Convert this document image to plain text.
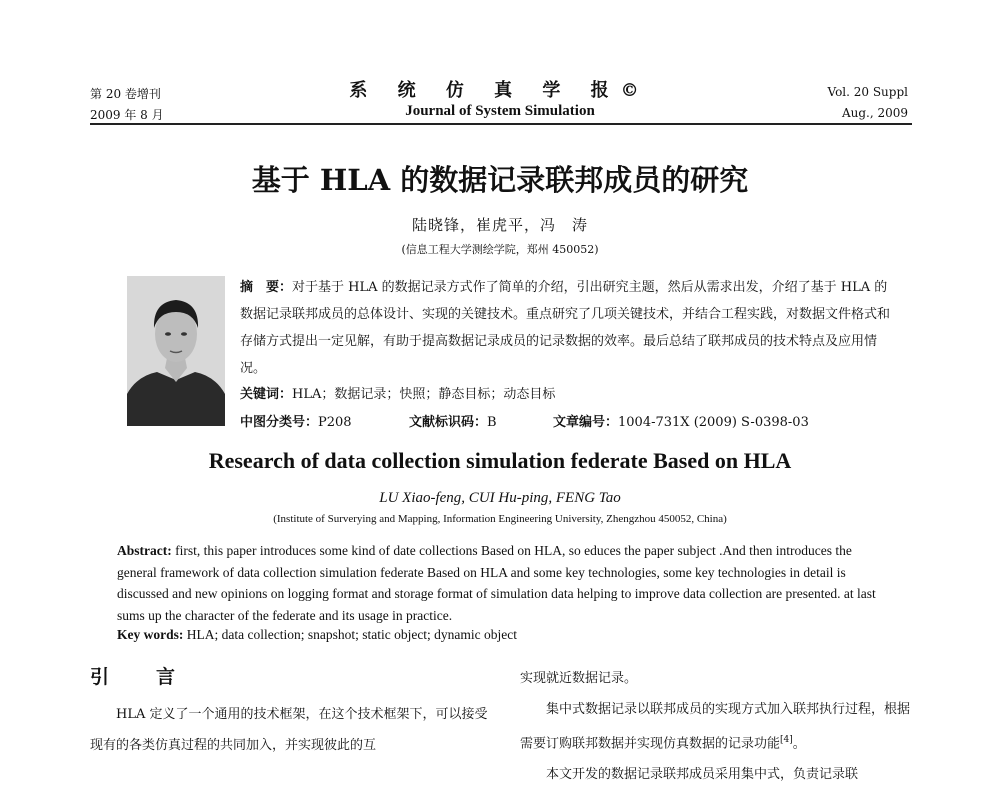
第 20 卷增刊
2009 年 8 月
系 统 仿 真 学 报©
Journal of System Simulation
Vol. 20 Suppl
Aug., 2009
基于 HLA 的数据记录联邦成员的研究
陆晓锋，崔虎平，冯　涛
(信息工程大学测绘学院，郑州 450052)
摘　要：对于基于 HLA 的数据记录方式作了简单的介绍，引出研究主题，然后从需求出发，介绍了基于 HLA 的数据记录联邦成员的总体设计、实现的关键技术。重点研究了几项关键技术，并结合工程实践，对数据文件格式和存储方式提出一定见解，有助于提高数据记录成员的记录数据的效率。最后总结了联邦成员的技术特点及应用情况。
关键词：HLA；数据记录；快照；静态目标；动态目标
中图分类号：P208	文献标识码：B	文章编号：1004-731X (2009) S-0398-03
Research of data collection simulation federate Based on HLA
LU Xiao-feng, CUI Hu-ping, FENG Tao
(Institute of Surverying and Mapping, Information Engineering University, Zhengzhou 450052, China)
Abstract: first, this paper introduces some kind of date collections Based on HLA, so educes the paper subject .And then introduces the general framework of data collection simulation federate Based on HLA and some key technologies, some key technologies in detail is discussed and new opinions on logging format and storage format of simulation data helping to improve data collection are presented. at last sums up the character of the federate and its usage in practice.
Key words: HLA; data collection; snapshot; static object; dynamic object
引　言

HLA 定义了一个通用的技术框架，在这个技术框架下，可以接受现有的各类仿真过程的共同加入，并实现彼此的互

实现就近数据记录。

集中式数据记录以联邦成员的实现方式加入联邦执行过程，根据需要订购联邦数据并实现仿真数据的记录功能[4]。

本文开发的数据记录联邦成员采用集中式，负责记录联
